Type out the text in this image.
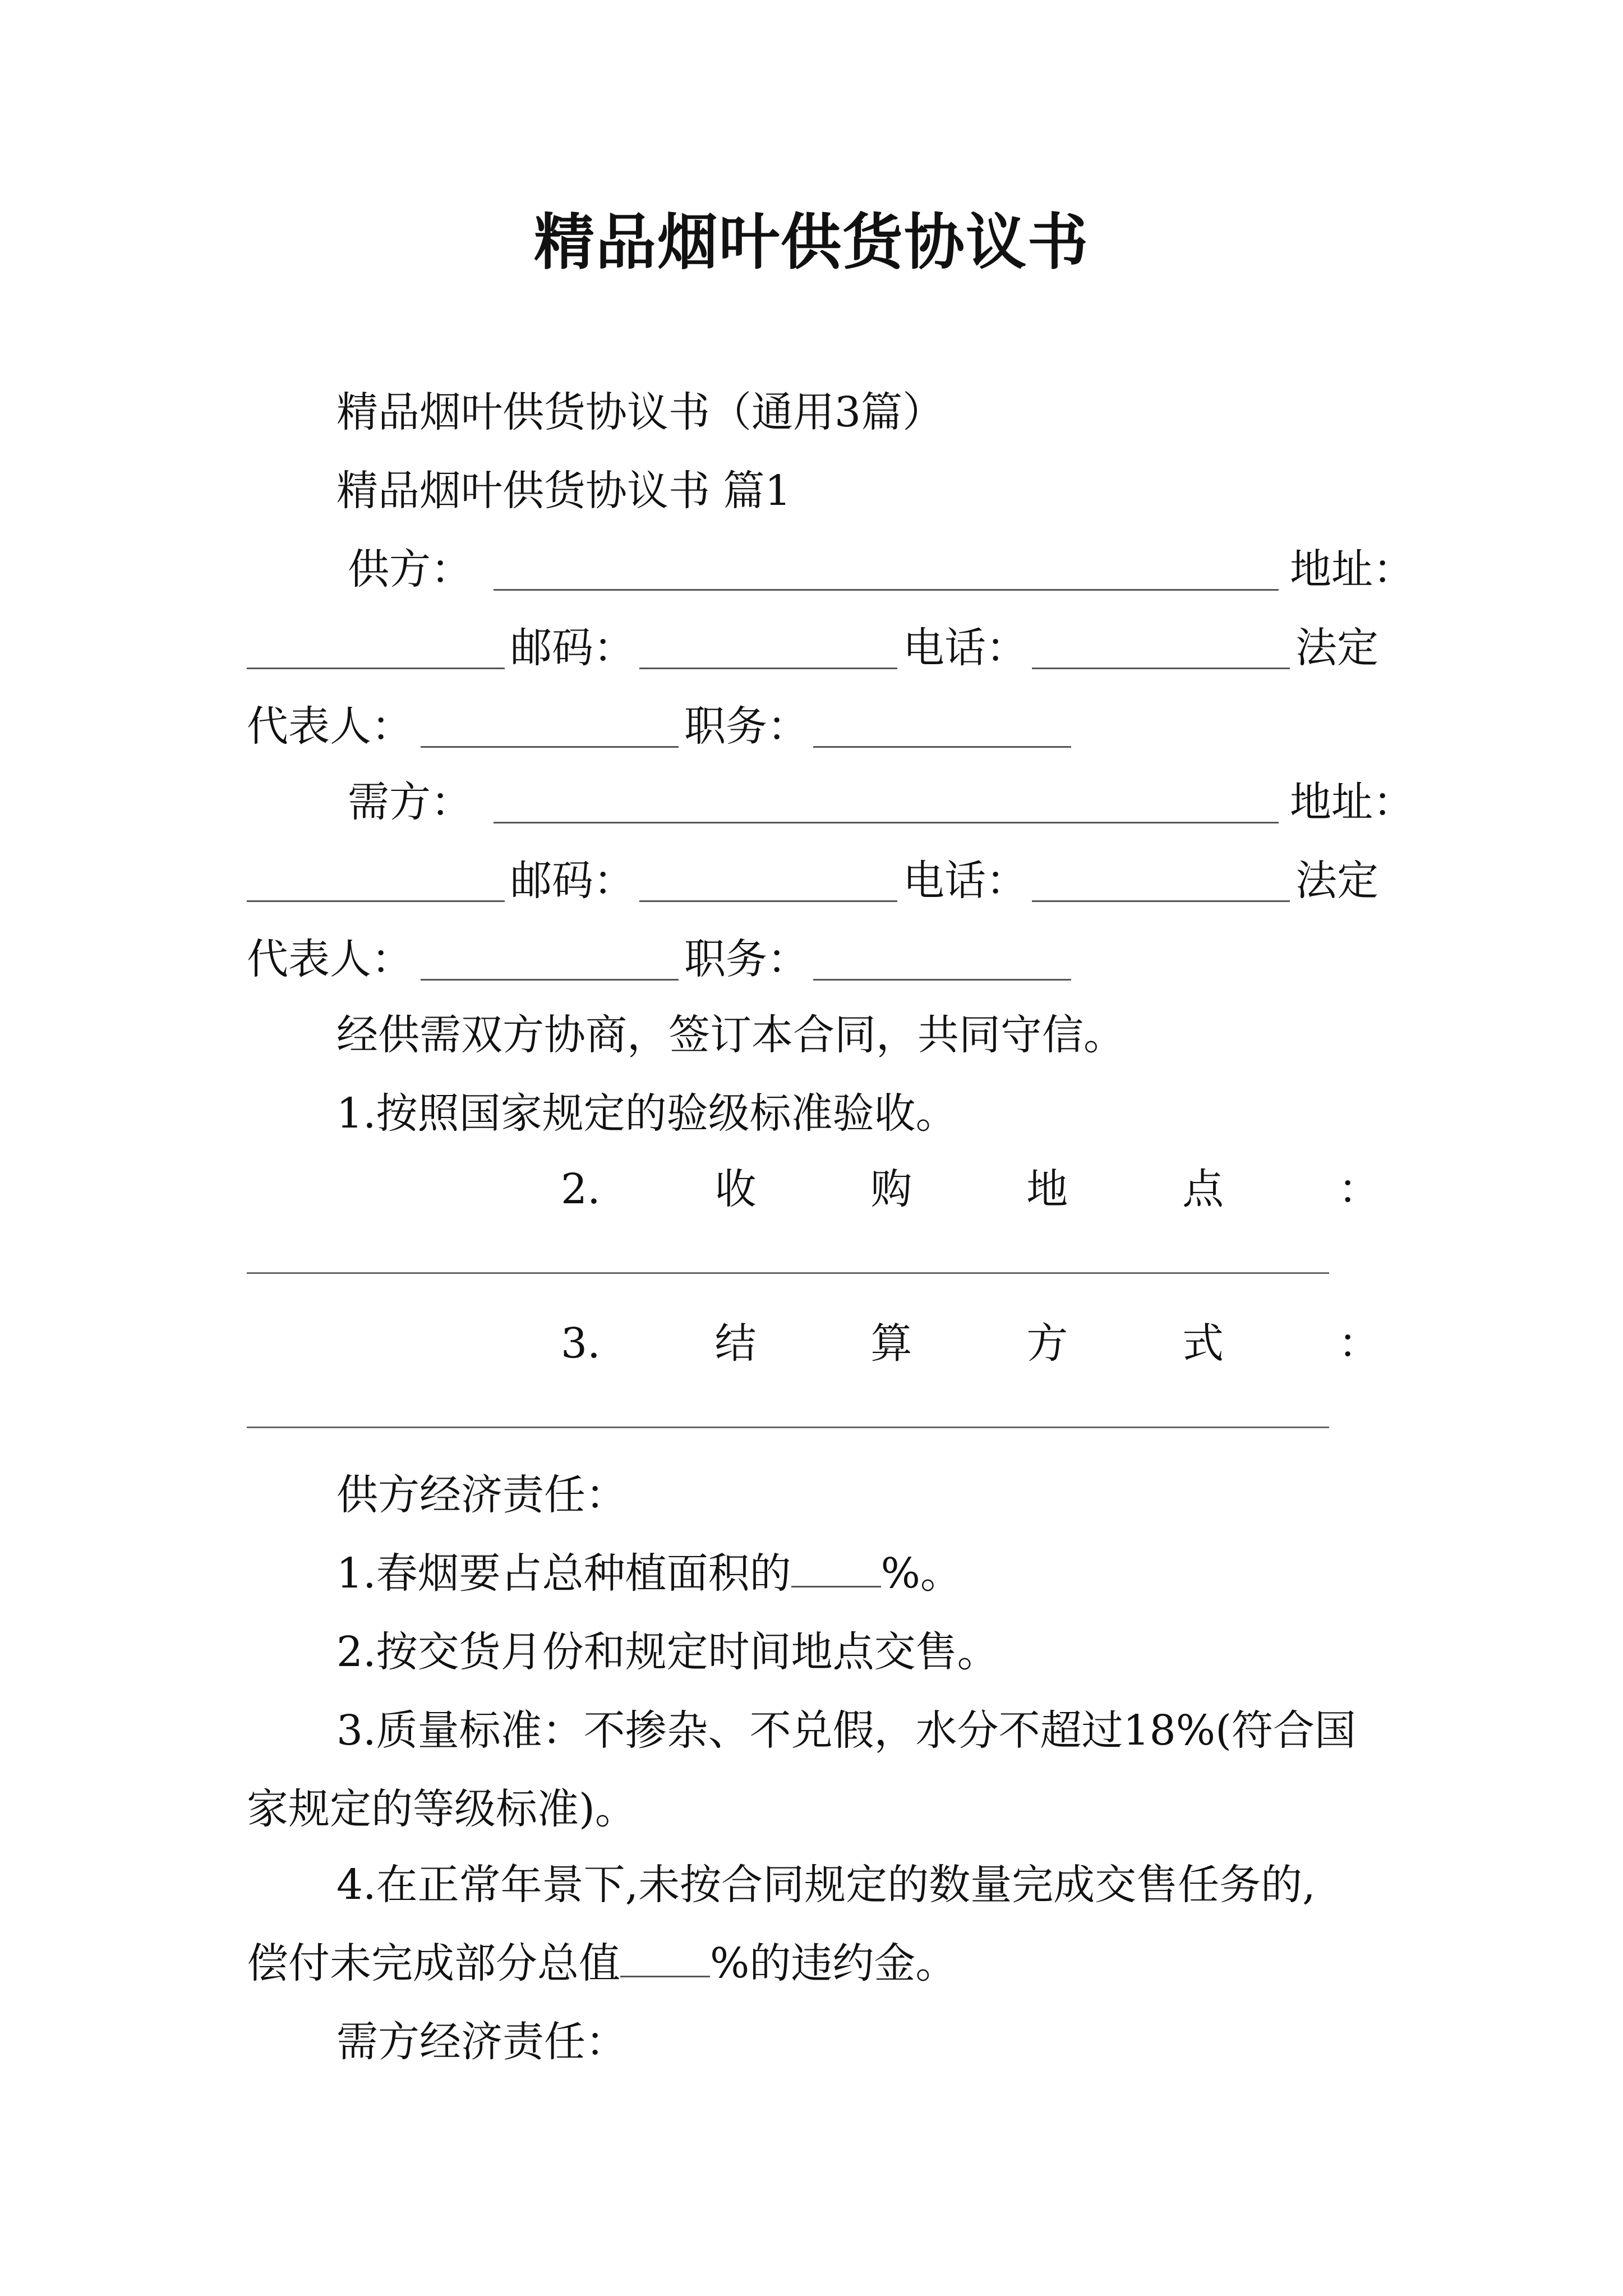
精品烟叶供货协议书
精品烟叶供货协议书（通用3篇）
精品烟叶供货协议书 篇1
供方：	地址：
邮码：	电话：	法定
代表人：	职务：
需方：	地址：
邮码：	电话：	法定
代表人：	职务：
经供需双方协商，签订本合同，共同守信。
1.按照国家规定的验级标准验收。
2.	收	购	地	点	：
3.	结	算	方	式	：
供方经济责任：
1.春烟要占总种植面积的 %。
2.按交货月份和规定时间地点交售。
3.质量标准：不掺杂、不兑假，水分不超过18%(符合国
家规定的等级标准)。
4.在正常年景下,未按合同规定的数量完成交售任务的,
偿付未完成部分总值 %的违约金。
需方经济责任：
